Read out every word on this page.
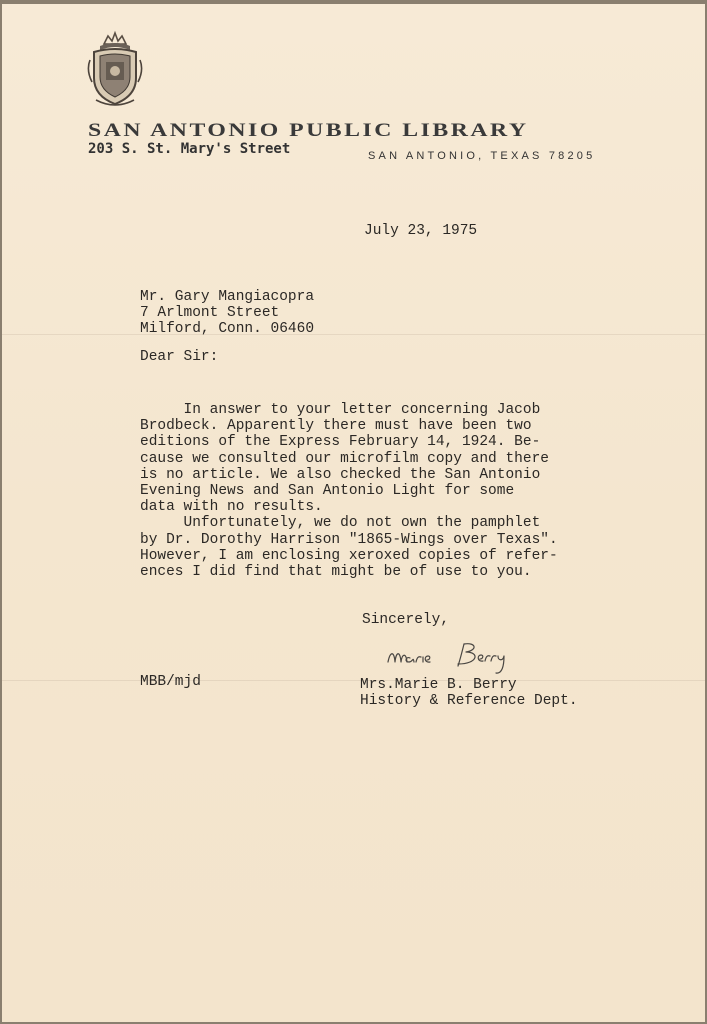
SAN ANTONIO PUBLIC LIBRARY
203 S. St. Mary's Street	SAN ANTONIO, TEXAS 78205
July 23, 1975
Mr. Gary Mangiacopra
7 Arlmont Street
Milford, Conn. 06460
Dear Sir:
In answer to your letter concerning Jacob
Brodbeck. Apparently there must have been two
editions of the Express February 14, 1924. Be-
cause we consulted our microfilm copy and there
is no article. We also checked the San Antonio
Evening News and San Antonio Light for some
data with no results.
Unfortunately, we do not own the pamphlet
by Dr. Dorothy Harrison "1865-Wings over Texas".
However, I am enclosing xeroxed copies of refer-
ences I did find that might be of use to you.
Sincerely,
MBB/mjd	Mrs.Marie B. Berry
History & Reference Dept.
